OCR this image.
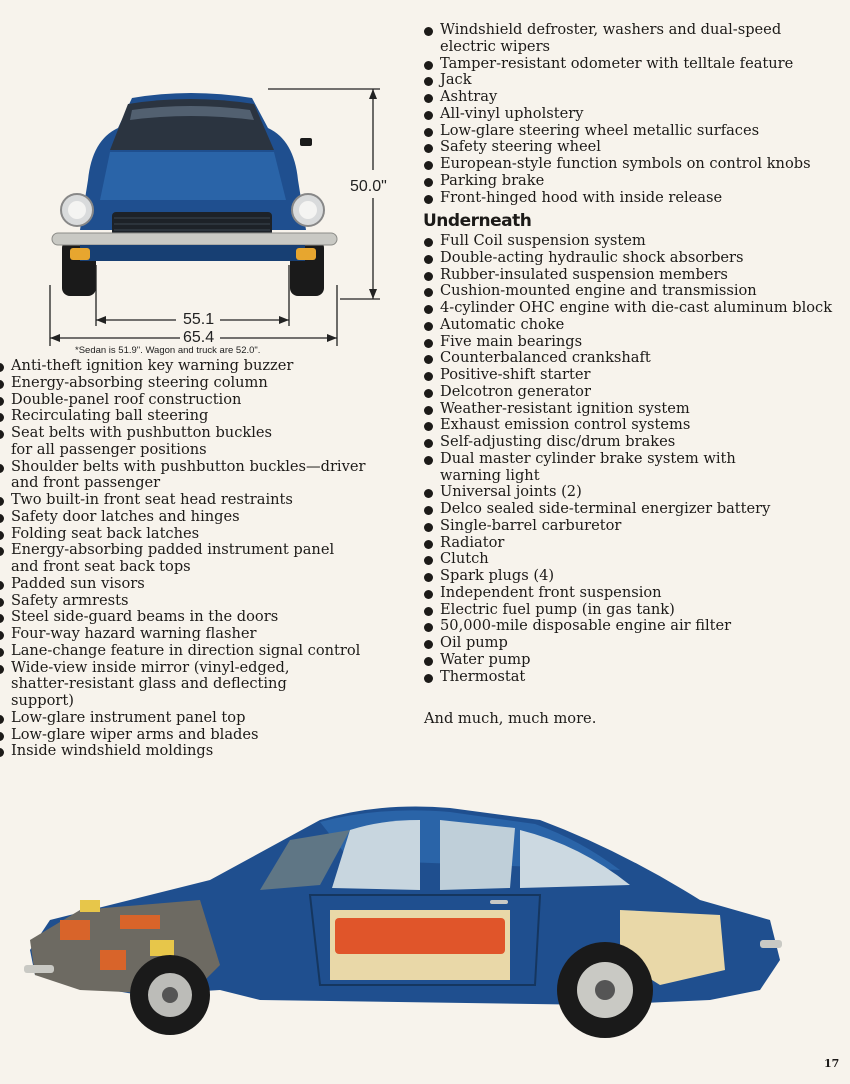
50.0"
55.1
65.4
*Sedan is 51.9". Wagon and truck are 52.0".
Anti-theft ignition key warning buzzer
Energy-absorbing steering column
Double-panel roof construction
Recirculating ball steering
Seat belts with pushbutton buckles for all passenger positions
Shoulder belts with pushbutton buckles—driver and front passenger
Two built-in front seat head restraints
Safety door latches and hinges
Folding seat back latches
Energy-absorbing padded instrument panel and front seat back tops
Padded sun visors
Safety armrests
Steel side-guard beams in the doors
Four-way hazard warning flasher
Lane-change feature in direction signal control
Wide-view inside mirror (vinyl-edged, shatter-resistant glass and deflecting support)
Low-glare instrument panel top
Low-glare wiper arms and blades
Inside windshield moldings
Windshield defroster, washers and dual-speed electric wipers
Tamper-resistant odometer with telltale feature
Jack
Ashtray
All-vinyl upholstery
Low-glare steering wheel metallic surfaces
Safety steering wheel
European-style function symbols on control knobs
Parking brake
Front-hinged hood with inside release
Underneath
Full Coil suspension system
Double-acting hydraulic shock absorbers
Rubber-insulated suspension members
Cushion-mounted engine and transmission
4-cylinder OHC engine with die-cast aluminum block
Automatic choke
Five main bearings
Counterbalanced crankshaft
Positive-shift starter
Delcotron generator
Weather-resistant ignition system
Exhaust emission control systems
Self-adjusting disc/drum brakes
Dual master cylinder brake system with warning light
Universal joints (2)
Delco sealed side-terminal energizer battery
Single-barrel carburetor
Radiator
Clutch
Spark plugs (4)
Independent front suspension
Electric fuel pump (in gas tank)
50,000-mile disposable engine air filter
Oil pump
Water pump
Thermostat
And much, much more.
17
